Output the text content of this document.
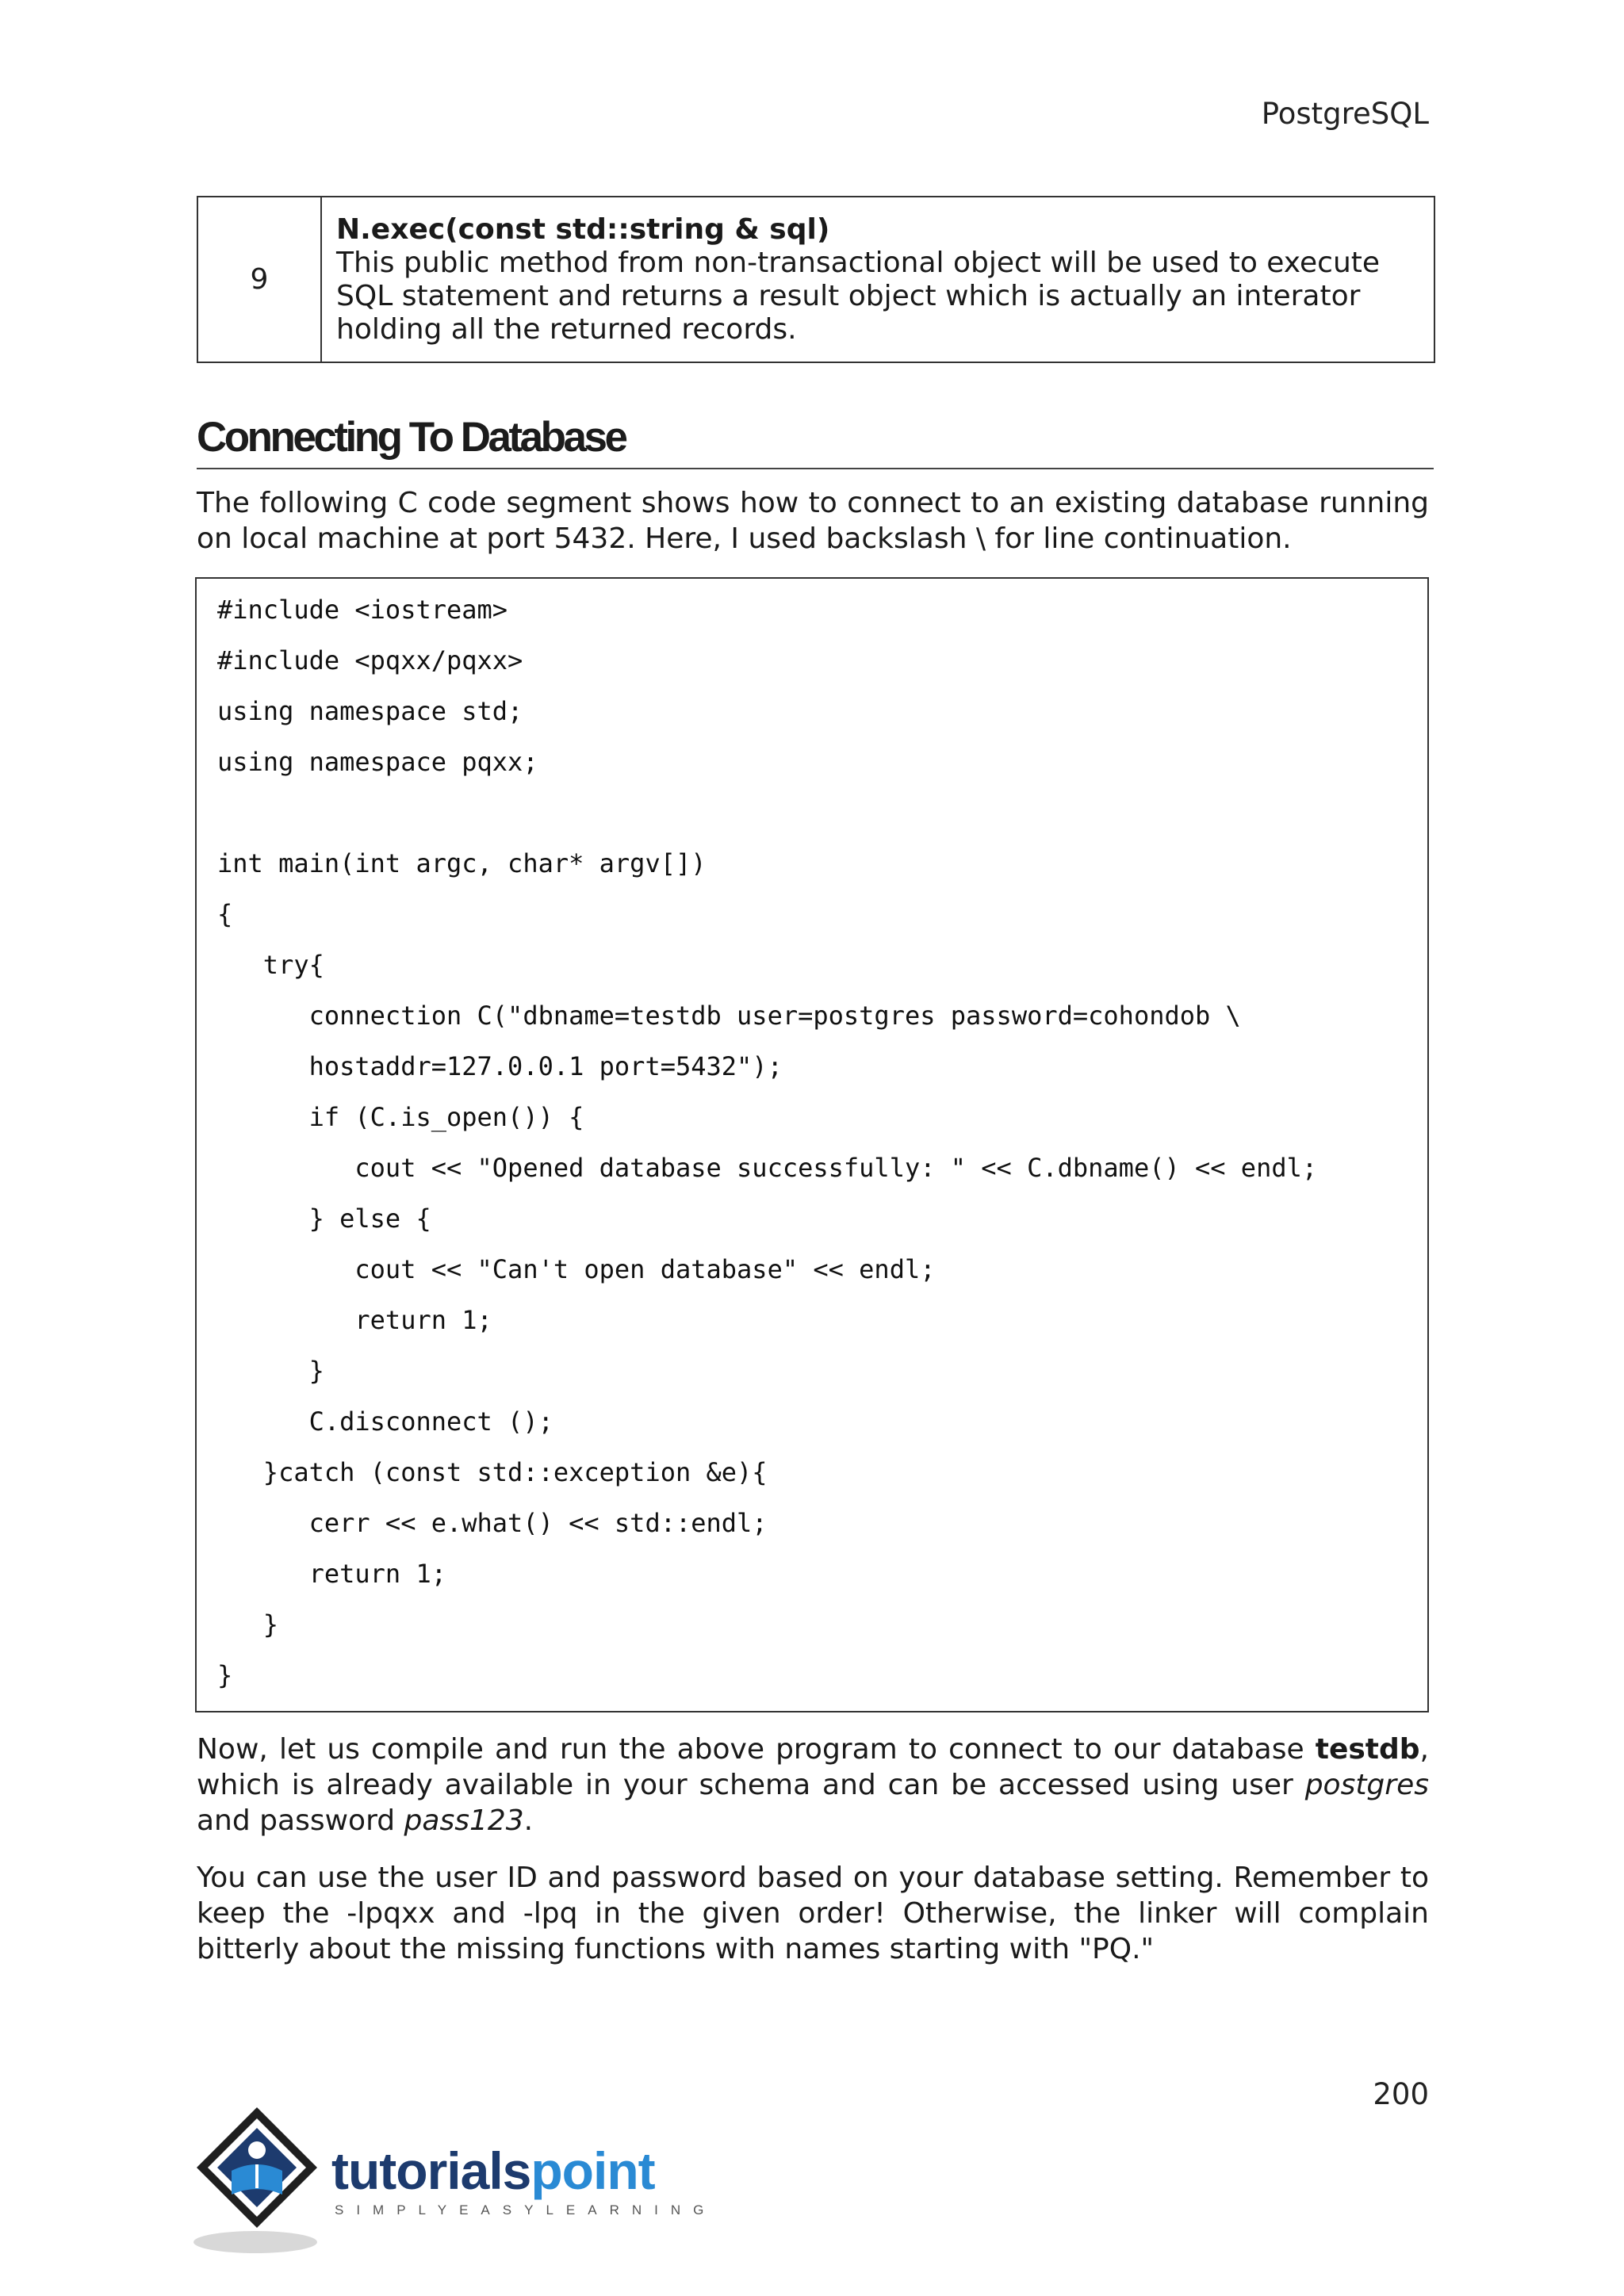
PostgreSQL
9	
N.exec(const std::string & sql)
This public method from non-transactional object will be used to execute SQL statement and returns a result object which is actually an interator holding all the returned records.
Connecting To Database

The following C code segment shows how to connect to an existing database running on local machine at port 5432. Here, I used backslash \ for line continuation.

#include <iostream>
#include <pqxx/pqxx>
using namespace std;
using namespace pqxx;
int main(int argc, char* argv[])
{
try{
connection C("dbname=testdb user=postgres password=cohondob \
hostaddr=127.0.0.1 port=5432");
if (C.is_open()) {
cout << "Opened database successfully: " << C.dbname() << endl;
} else {
cout << "Can't open database" << endl;
return 1;
}
C.disconnect ();
}catch (const std::exception &e){
cerr << e.what() << std::endl;
return 1;
}
}

Now, let us compile and run the above program to connect to our database testdb, which is already available in your schema and can be accessed using user postgres and password pass123.

You can use the user ID and password based on your database setting. Remember to keep the -lpqxx and -lpq in the given order! Otherwise, the linker will complain bitterly about the missing functions with names starting with "PQ."

200
tutorialspoint
SIMPLYEASYLEARNING
